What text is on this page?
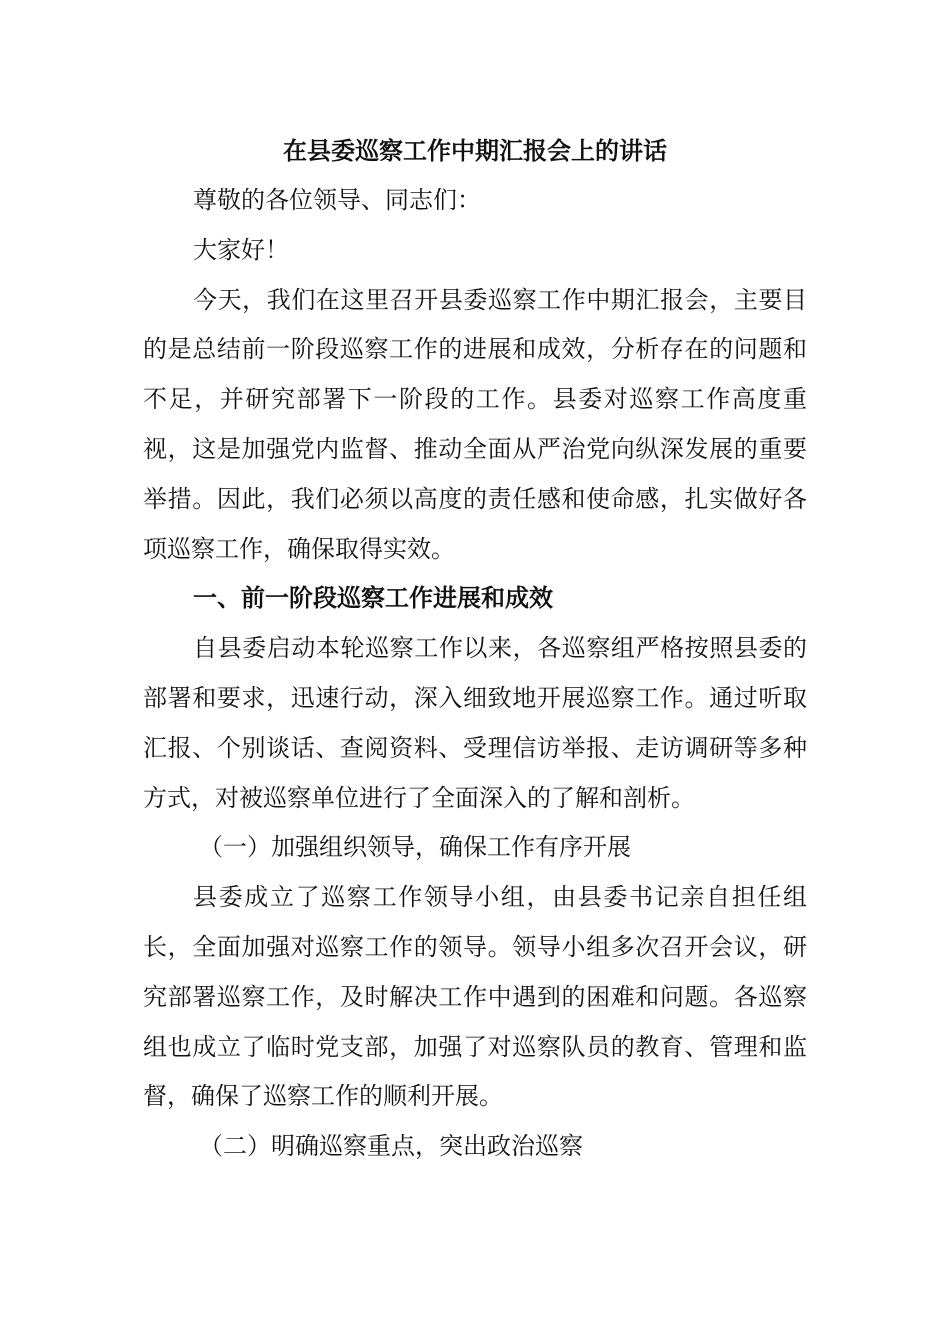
在县委巡察工作中期汇报会上的讲话

尊敬的各位领导、同志们：

大家好！

今天，我们在这里召开县委巡察工作中期汇报会，主要目的是总结前一阶段巡察工作的进展和成效，分析存在的问题和不足，并研究部署下一阶段的工作。县委对巡察工作高度重视，这是加强党内监督、推动全面从严治党向纵深发展的重要举措。因此，我们必须以高度的责任感和使命感，扎实做好各项巡察工作，确保取得实效。

一、前一阶段巡察工作进展和成效

自县委启动本轮巡察工作以来，各巡察组严格按照县委的部署和要求，迅速行动，深入细致地开展巡察工作。通过听取汇报、个别谈话、查阅资料、受理信访举报、走访调研等多种方式，对被巡察单位进行了全面深入的了解和剖析。

（一）加强组织领导，确保工作有序开展

县委成立了巡察工作领导小组，由县委书记亲自担任组长，全面加强对巡察工作的领导。领导小组多次召开会议，研究部署巡察工作，及时解决工作中遇到的困难和问题。各巡察组也成立了临时党支部，加强了对巡察队员的教育、管理和监督，确保了巡察工作的顺利开展。

（二）明确巡察重点，突出政治巡察
